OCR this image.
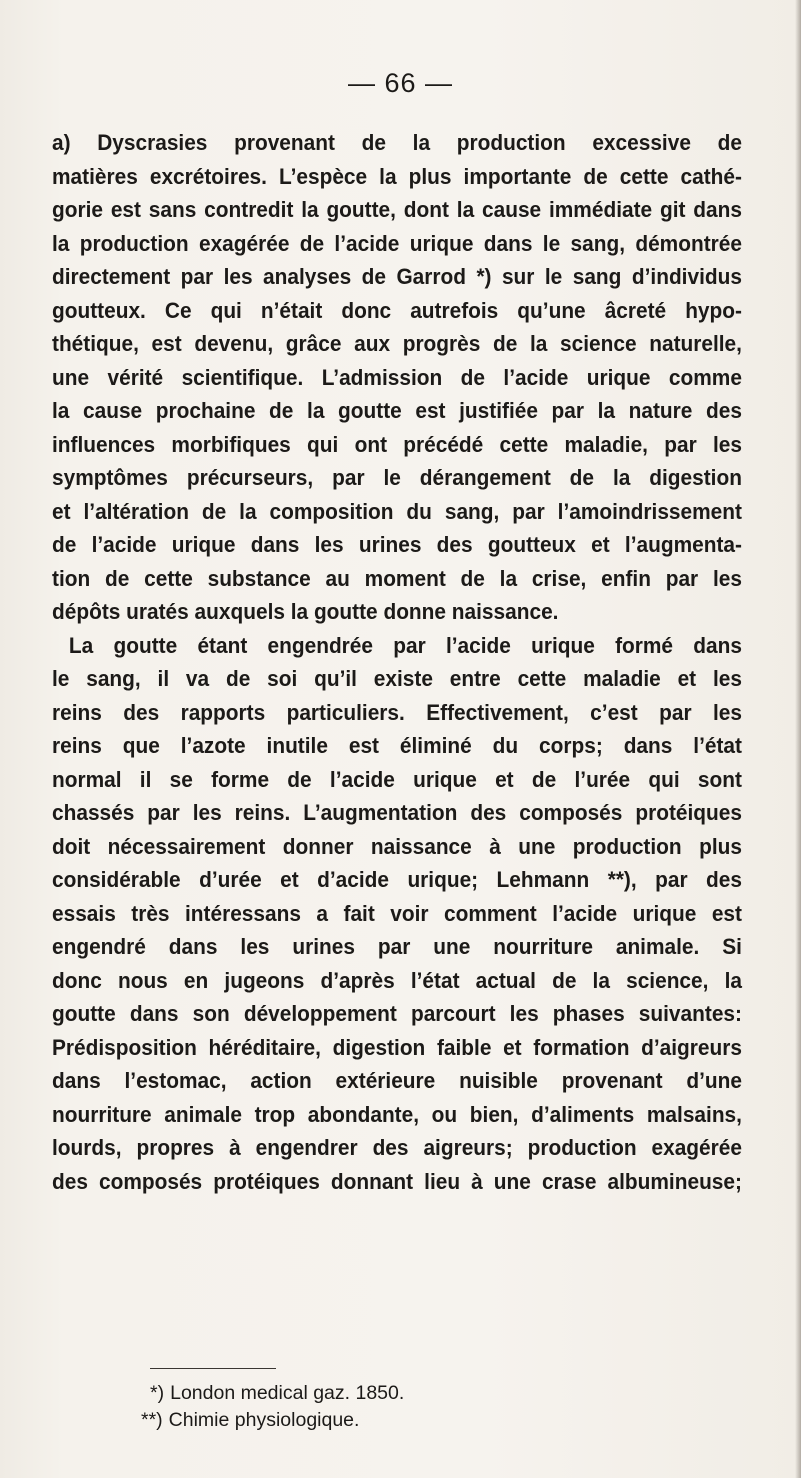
— 66 —
a) Dyscrasies provenant de la production excessive de
matières excrétoires. L’espèce la plus importante de cette cathé-
gorie est sans contredit la goutte, dont la cause immédiate git dans
la production exagérée de l’acide urique dans le sang, démontrée
directement par les analyses de Garrod *) sur le sang d’individus
goutteux. Ce qui n’était donc autrefois qu’une âcreté hypo-
thétique, est devenu, grâce aux progrès de la science naturelle,
une vérité scientifique. L’admission de l’acide urique comme
la cause prochaine de la goutte est justifiée par la nature des
influences morbifiques qui ont précédé cette maladie, par les
symptômes précurseurs, par le dérangement de la digestion
et l’altération de la composition du sang, par l’amoindrissement
de l’acide urique dans les urines des goutteux et l’augmenta-
tion de cette substance au moment de la crise, enfin par les
dépôts uratés auxquels la goutte donne naissance.
La goutte étant engendrée par l’acide urique formé dans
le sang, il va de soi qu’il existe entre cette maladie et les
reins des rapports particuliers. Effectivement, c’est par les
reins que l’azote inutile est éliminé du corps; dans l’état
normal il se forme de l’acide urique et de l’urée qui sont
chassés par les reins. L’augmentation des composés protéiques
doit nécessairement donner naissance à une production plus
considérable d’urée et d’acide urique; Lehmann **), par des
essais très intéressans a fait voir comment l’acide urique est
engendré dans les urines par une nourriture animale. Si
donc nous en jugeons d’après l’état actual de la science, la
goutte dans son développement parcourt les phases suivantes:
Prédisposition héréditaire, digestion faible et formation d’aigreurs
dans l’estomac, action extérieure nuisible provenant d’une
nourriture animale trop abondante, ou bien, d’aliments malsains,
lourds, propres à engendrer des aigreurs; production exagérée
des composés protéiques donnant lieu à une crase albumineuse;
*) London medical gaz. 1850.
**) Chimie physiologique.
